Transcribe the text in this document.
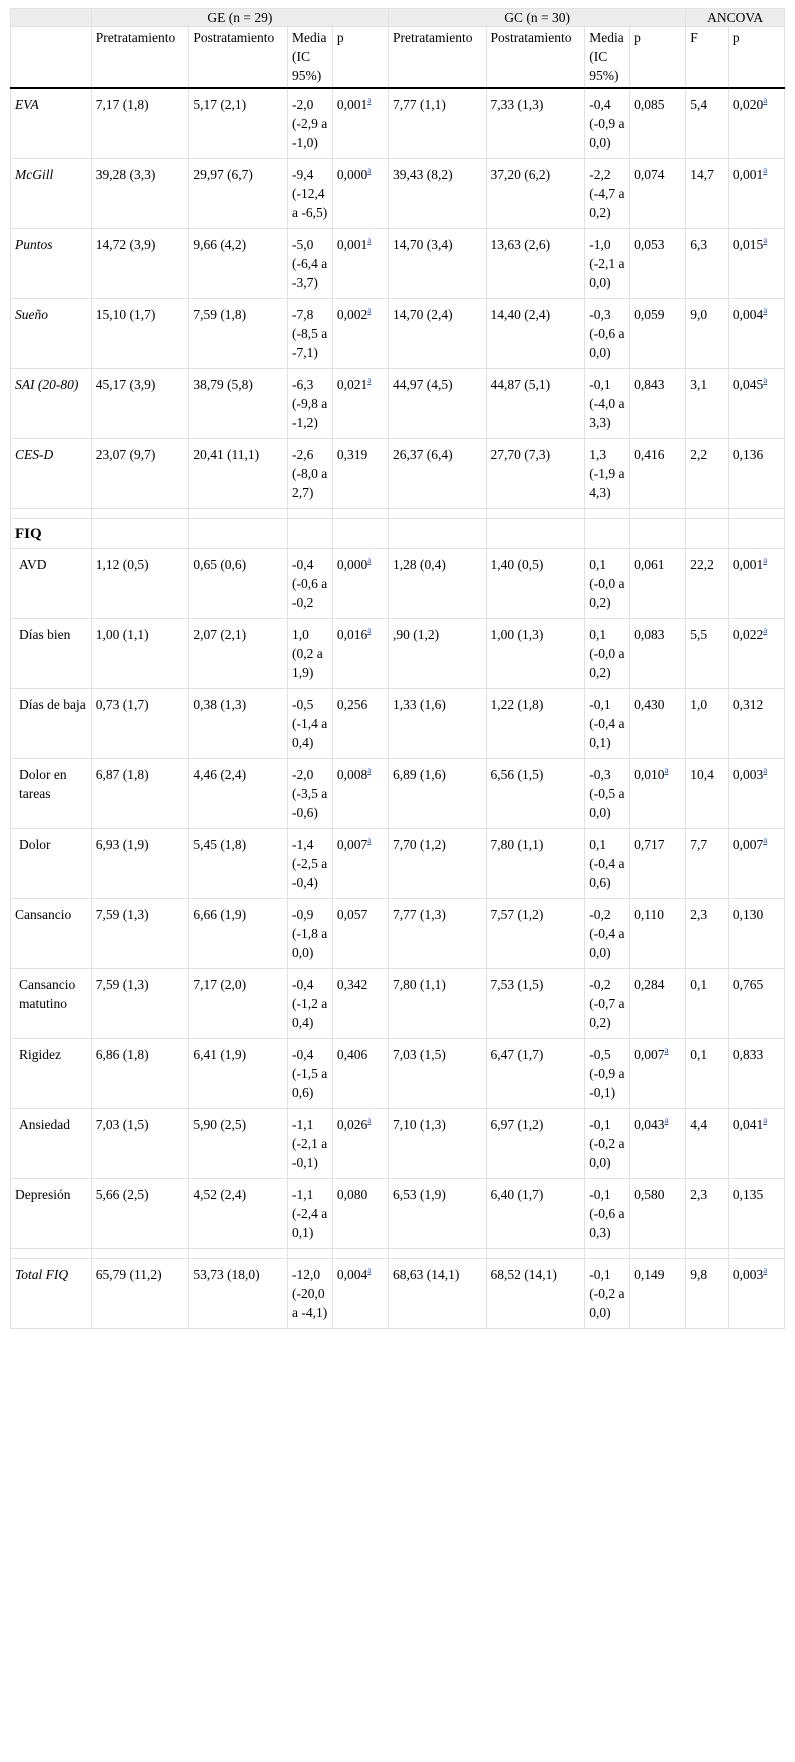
	GE (n = 29)				GC (n = 30)				ANCOVA	
	Pretratamiento	Postratamiento	Media (IC 95%)	p	Pretratamiento	Postratamiento	Media (IC 95%)	p	F	p
EVA	7,17 (1,8)	5,17 (2,1)	-2,0 (-2,9 a -1,0)	0,001$^a$	7,77 (1,1)	7,33 (1,3)	-0,4 (-0,9 a 0,0)	0,085	5,4	0,020$^a$
McGill	39,28 (3,3)	29,97 (6,7)	-9,4 (-12,4 a -6,5)	0,000$^a$	39,43 (8,2)	37,20 (6,2)	-2,2 (-4,7 a 0,2)	0,074	14,7	0,001$^a$
Puntos	14,72 (3,9)	9,66 (4,2)	-5,0 (-6,4 a -3,7)	0,001$^a$	14,70 (3,4)	13,63 (2,6)	-1,0 (-2,1 a 0,0)	0,053	6,3	0,015$^a$
Sueño	15,10 (1,7)	7,59 (1,8)	-7,8 (-8,5 a -7,1)	0,002$^a$	14,70 (2,4)	14,40 (2,4)	-0,3 (-0,6 a 0,0)	0,059	9,0	0,004$^a$
SAI (20-80)	45,17 (3,9)	38,79 (5,8)	-6,3 (-9,8 a -1,2)	0,021$^a$	44,97 (4,5)	44,87 (5,1)	-0,1 (-4,0 a 3,3)	0,843	3,1	0,045$^a$
CES-D	23,07 (9,7)	20,41 (11,1)	-2,6 (-8,0 a 2,7)	0,319	26,37 (6,4)	27,70 (7,3)	1,3 (-1,9 a 4,3)	0,416	2,2	0,136

FIQ										
AVD	1,12 (0,5)	0,65 (0,6)	-0,4 (-0,6 a -0,2	0,000$^a$	1,28 (0,4)	1,40 (0,5)	0,1 (-0,0 a 0,2)	0,061	22,2	0,001$^a$
Días bien	1,00 (1,1)	2,07 (2,1)	1,0 (0,2 a 1,9)	0,016$^a$	,90 (1,2)	1,00 (1,3)	0,1 (-0,0 a 0,2)	0,083	5,5	0,022$^a$
Días de baja	0,73 (1,7)	0,38 (1,3)	-0,5 (-1,4 a 0,4)	0,256	1,33 (1,6)	1,22 (1,8)	-0,1 (-0,4 a 0,1)	0,430	1,0	0,312
Dolor en tareas	6,87 (1,8)	4,46 (2,4)	-2,0 (-3,5 a -0,6)	0,008$^a$	6,89 (1,6)	6,56 (1,5)	-0,3 (-0,5 a 0,0)	0,010$^a$	10,4	0,003$^a$
Dolor	6,93 (1,9)	5,45 (1,8)	-1,4 (-2,5 a -0,4)	0,007$^a$	7,70 (1,2)	7,80 (1,1)	0,1 (-0,4 a 0,6)	0,717	7,7	0,007$^a$
Cansancio	7,59 (1,3)	6,66 (1,9)	-0,9 (-1,8 a 0,0)	0,057	7,77 (1,3)	7,57 (1,2)	-0,2 (-0,4 a 0,0)	0,110	2,3	0,130
Cansancio matutino	7,59 (1,3)	7,17 (2,0)	-0,4 (-1,2 a 0,4)	0,342	7,80 (1,1)	7,53 (1,5)	-0,2 (-0,7 a 0,2)	0,284	0,1	0,765
Rigidez	6,86 (1,8)	6,41 (1,9)	-0,4 (-1,5 a 0,6)	0,406	7,03 (1,5)	6,47 (1,7)	-0,5 (-0,9 a -0,1)	0,007$^a$	0,1	0,833
Ansiedad	7,03 (1,5)	5,90 (2,5)	-1,1 (-2,1 a -0,1)	0,026$^a$	7,10 (1,3)	6,97 (1,2)	-0,1 (-0,2 a 0,0)	0,043$^a$	4,4	0,041$^a$
Depresión	5,66 (2,5)	4,52 (2,4)	-1,1 (-2,4 a 0,1)	0,080	6,53 (1,9)	6,40 (1,7)	-0,1 (-0,6 a 0,3)	0,580	2,3	0,135

Total FIQ	65,79 (11,2)	53,73 (18,0)	-12,0 (-20,0 a -4,1)	0,004$^a$	68,63 (14,1)	68,52 (14,1)	-0,1 (-0,2 a 0,0)	0,149	9,8	0,003$^a$
